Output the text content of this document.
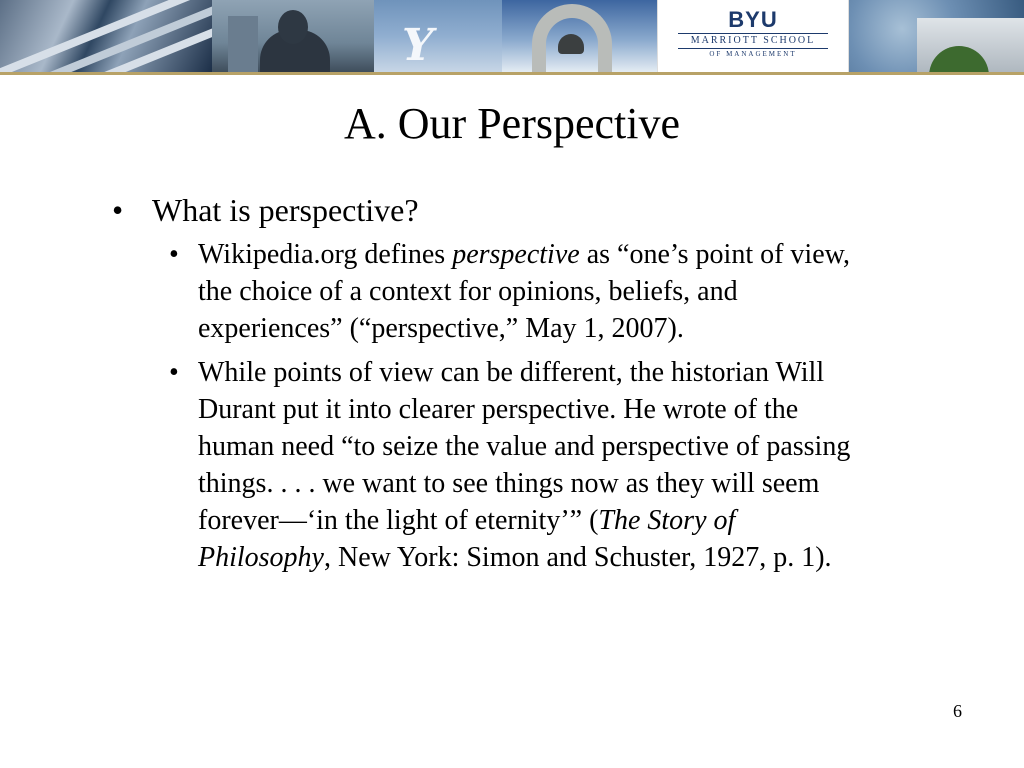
Y
BYU
MARRIOTT SCHOOL
OF MANAGEMENT
A. Our Perspective
• What is perspective?
• Wikipedia.org defines perspective as “one’s point of view, the choice of a context for opinions, beliefs, and experiences” (“perspective,” May 1, 2007).
• While points of view can be different, the historian Will Durant put it into clearer perspective. He wrote of the human need “to seize the value and perspective of passing things. . . . we want to see things now as they will seem forever—‘in the light of eternity’” (The Story of Philosophy, New York: Simon and Schuster, 1927, p. 1).
6
